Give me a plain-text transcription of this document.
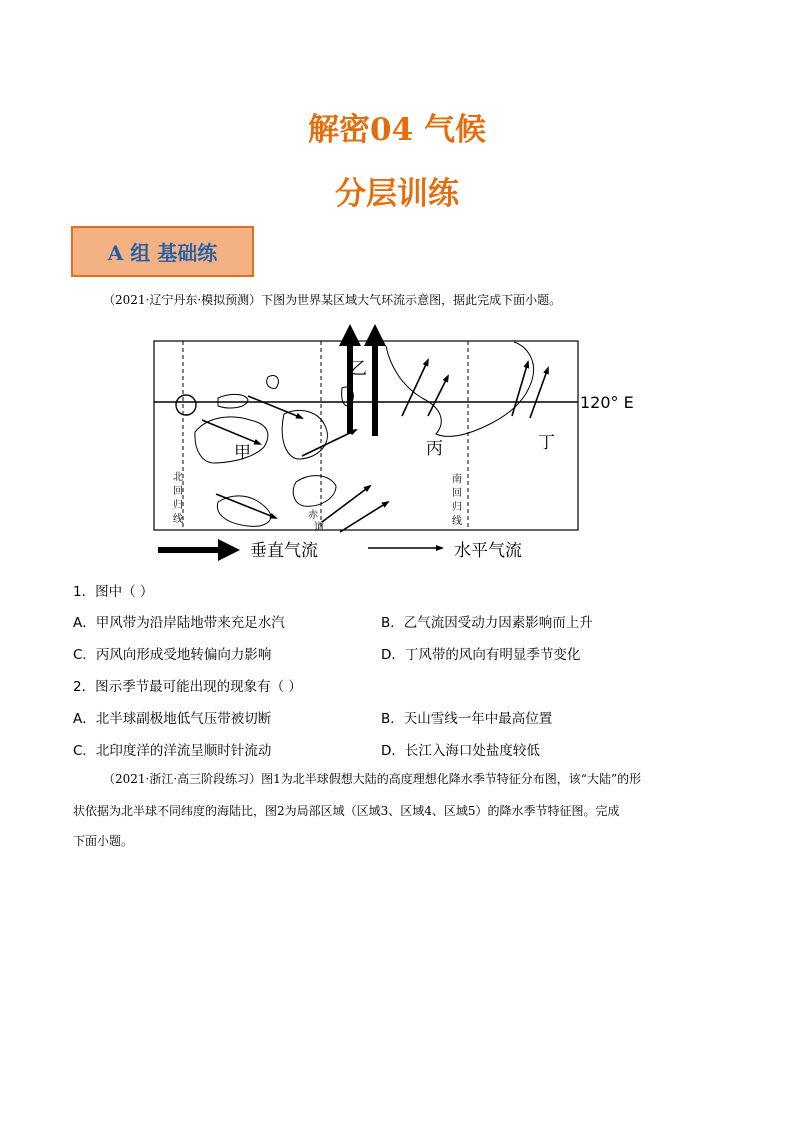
解密04 气候
分层训练
A 组 基础练
（2021·辽宁丹东·模拟预测）下图为世界某区域大气环流示意图，据此完成下面小题。
乙
甲	丙	丁
120° E
北
回
归
线
南
回
归
线
赤
道
垂直气流	水平气流
1．图中（ ）
A．甲风带为沿岸陆地带来充足水汽	B．乙气流因受动力因素影响而上升
C．丙风向形成受地转偏向力影响	D．丁风带的风向有明显季节变化
2．图示季节最可能出现的现象有（ ）
A．北半球副极地低气压带被切断	B．天山雪线一年中最高位置
C．北印度洋的洋流呈顺时针流动	D．长江入海口处盐度较低
（2021·浙江·高三阶段练习）图1为北半球假想大陆的高度理想化降水季节特征分布图，该“大陆”的形
状依据为北半球不同纬度的海陆比，图2为局部区域（区域3、区域4、区域5）的降水季节特征图。完成
下面小题。
